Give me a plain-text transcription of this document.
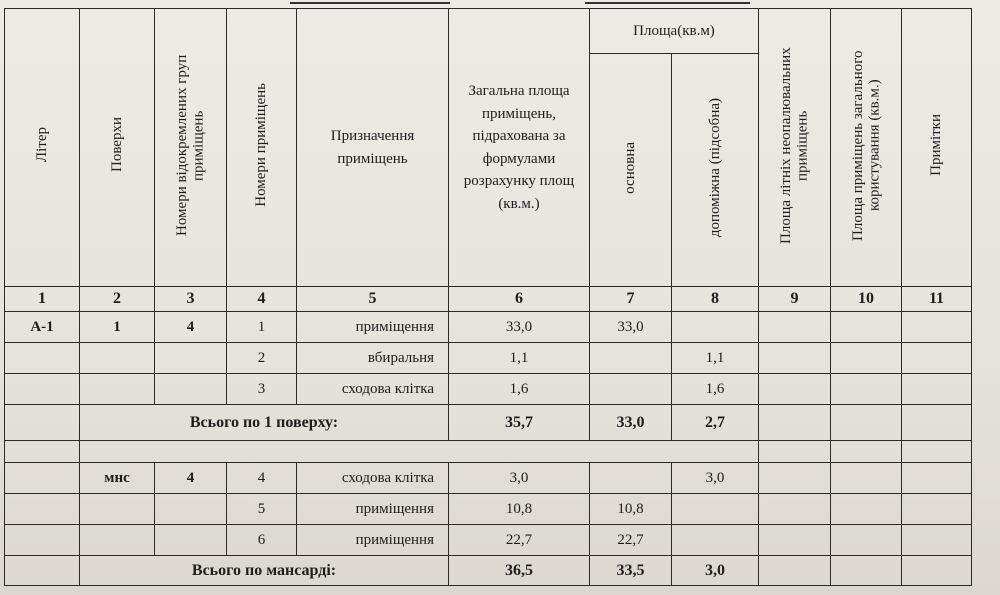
Літер	Поверхи	Номери відокремлених груп приміщень	Номери приміщень	Призначення приміщень	Загальна площа приміщень, підрахована за формулами розрахунку площ (кв.м.)	Площа(кв.м)		Площа літніх неопалювальних приміщень	Площа приміщень загального користування (кв.м.)	Примітки
						основна	допоміжна (підсобна)			
1	2	3	4	5	6	7	8	9	10	11
А-1	1	4	1	приміщення	33,0	33,0				
			2	вбиральня	1,1		1,1			
			3	сходова клітка	1,6		1,6			
	Всього по 1 поверху:				35,7	33,0	2,7			

	мнс	4	4	сходова клітка	3,0		3,0			
			5	приміщення	10,8	10,8				
			6	приміщення	22,7	22,7				
	Всього по мансарді:				36,5	33,5	3,0			
